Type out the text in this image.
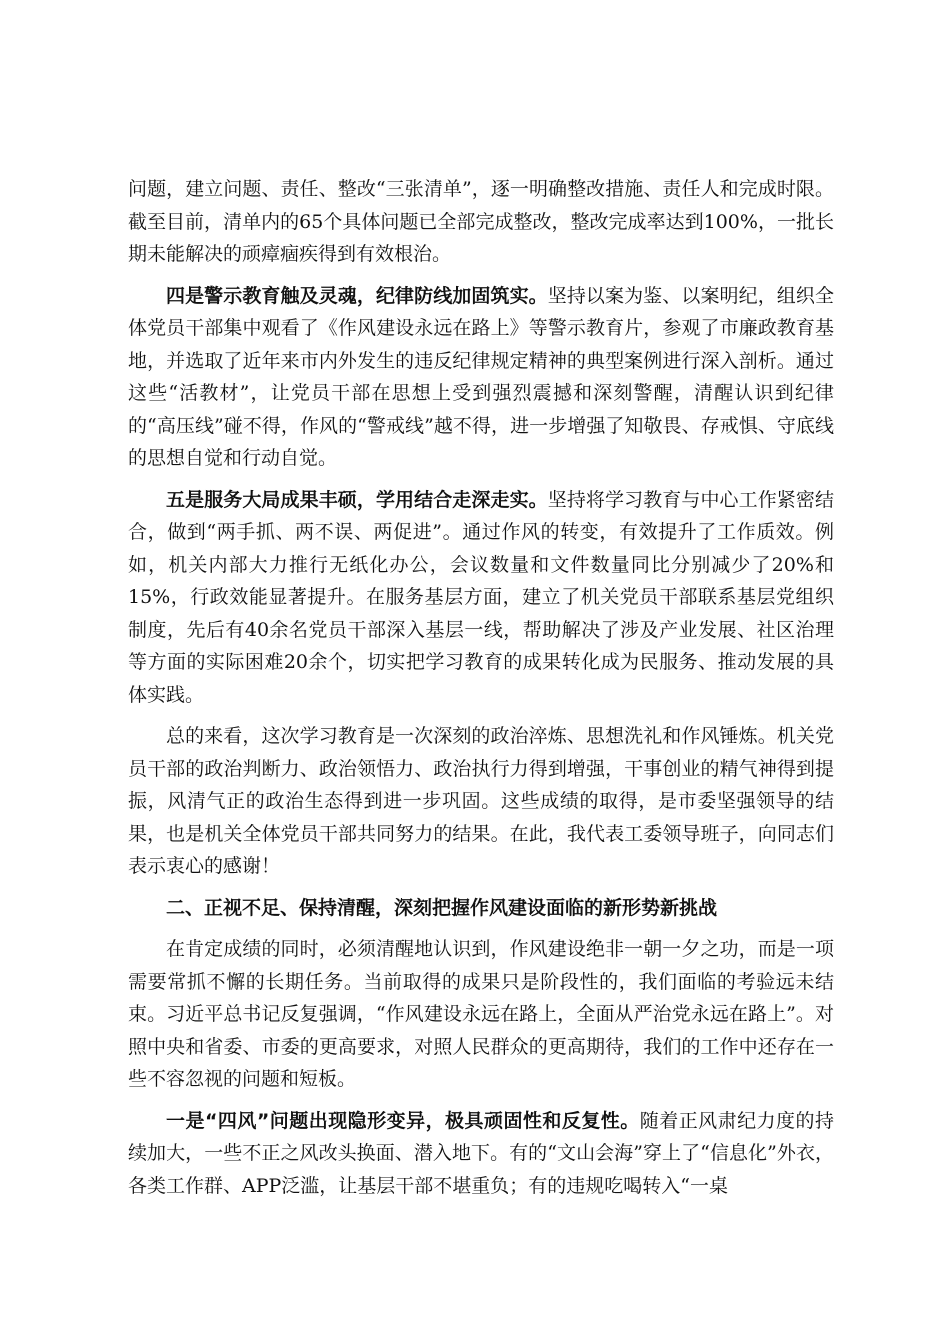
问题，建立问题、责任、整改“三张清单”，逐一明确整改措施、责任人和完成时限。截至目前，清单内的65个具体问题已全部完成整改，整改完成率达到100%，一批长期未能解决的顽瘴痼疾得到有效根治。

四是警示教育触及灵魂，纪律防线加固筑实。坚持以案为鉴、以案明纪，组织全体党员干部集中观看了《作风建设永远在路上》等警示教育片，参观了市廉政教育基地，并选取了近年来市内外发生的违反纪律规定精神的典型案例进行深入剖析。通过这些“活教材”，让党员干部在思想上受到强烈震撼和深刻警醒，清醒认识到纪律的“高压线”碰不得，作风的“警戒线”越不得，进一步增强了知敬畏、存戒惧、守底线的思想自觉和行动自觉。

五是服务大局成果丰硕，学用结合走深走实。坚持将学习教育与中心工作紧密结合，做到“两手抓、两不误、两促进”。通过作风的转变，有效提升了工作质效。例如，机关内部大力推行无纸化办公，会议数量和文件数量同比分别减少了20%和15%，行政效能显著提升。在服务基层方面，建立了机关党员干部联系基层党组织制度，先后有40余名党员干部深入基层一线，帮助解决了涉及产业发展、社区治理等方面的实际困难20余个，切实把学习教育的成果转化成为民服务、推动发展的具体实践。

总的来看，这次学习教育是一次深刻的政治淬炼、思想洗礼和作风锤炼。机关党员干部的政治判断力、政治领悟力、政治执行力得到增强，干事创业的精气神得到提振，风清气正的政治生态得到进一步巩固。这些成绩的取得，是市委坚强领导的结果，也是机关全体党员干部共同努力的结果。在此，我代表工委领导班子，向同志们表示衷心的感谢！

二、正视不足、保持清醒，深刻把握作风建设面临的新形势新挑战

在肯定成绩的同时，必须清醒地认识到，作风建设绝非一朝一夕之功，而是一项需要常抓不懈的长期任务。当前取得的成果只是阶段性的，我们面临的考验远未结束。习近平总书记反复强调，“作风建设永远在路上，全面从严治党永远在路上”。对照中央和省委、市委的更高要求，对照人民群众的更高期待，我们的工作中还存在一些不容忽视的问题和短板。

一是“四风”问题出现隐形变异，极具顽固性和反复性。随着正风肃纪力度的持续加大，一些不正之风改头换面、潜入地下。有的“文山会海”穿上了“信息化”外衣，各类工作群、APP泛滥，让基层干部不堪重负；有的违规吃喝转入“一桌
